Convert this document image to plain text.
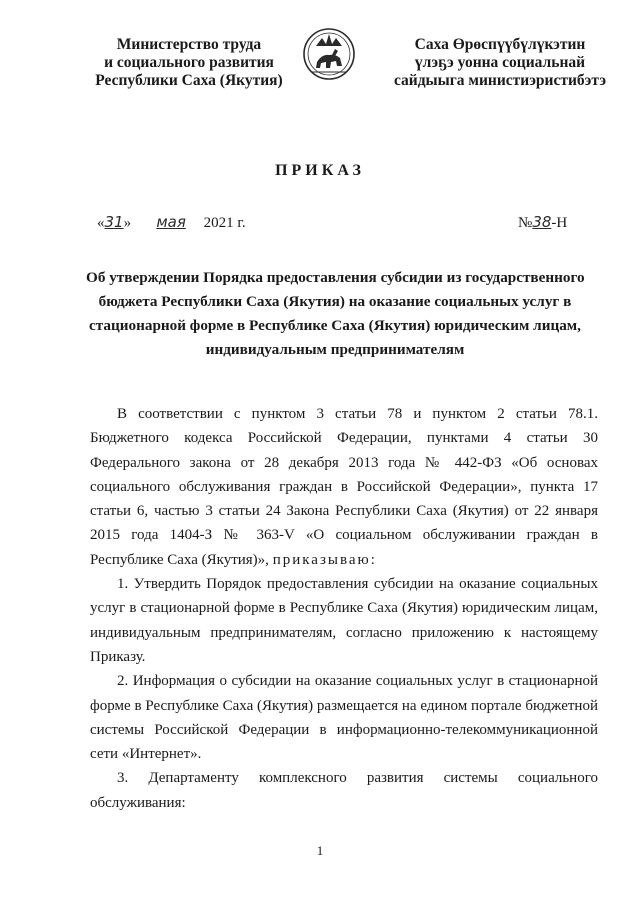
Министерство труда
и социального развития
Республики Саха (Якутия)
Саха Өрөспүүбүлүкэтин
үлэҕэ уонна социальнай
сайдыыга министиэристибэтэ
ПРИКАЗ
«31» мая 2021 г.	№38-Н
Об утверждении Порядка предоставления субсидии из государственного
бюджета Республики Саха (Якутия) на оказание социальных услуг в
стационарной форме в Республике Саха (Якутия) юридическим лицам,
индивидуальным предпринимателям
В соответствии с пунктом 3 статьи 78 и пунктом 2 статьи 78.1. Бюджетного кодекса Российской Федерации, пунктами 4 статьи 30 Федерального закона от 28 декабря 2013 года № 442-ФЗ «Об основах социального обслуживания граждан в Российской Федерации», пункта 17 статьи 6, частью 3 статьи 24 Закона Республики Саха (Якутия) от 22 января 2015 года 1404-З № 363-V «О социальном обслуживании граждан в Республике Саха (Якутия)», приказываю:
1. Утвердить Порядок предоставления субсидии на оказание социальных услуг в стационарной форме в Республике Саха (Якутия) юридическим лицам, индивидуальным предпринимателям, согласно приложению к настоящему Приказу.
2. Информация о субсидии на оказание социальных услуг в стационарной форме в Республике Саха (Якутия) размещается на едином портале бюджетной системы Российской Федерации в информационно-телекоммуникационной сети «Интернет».
3. Департаменту комплексного развития системы социального обслуживания:
1
